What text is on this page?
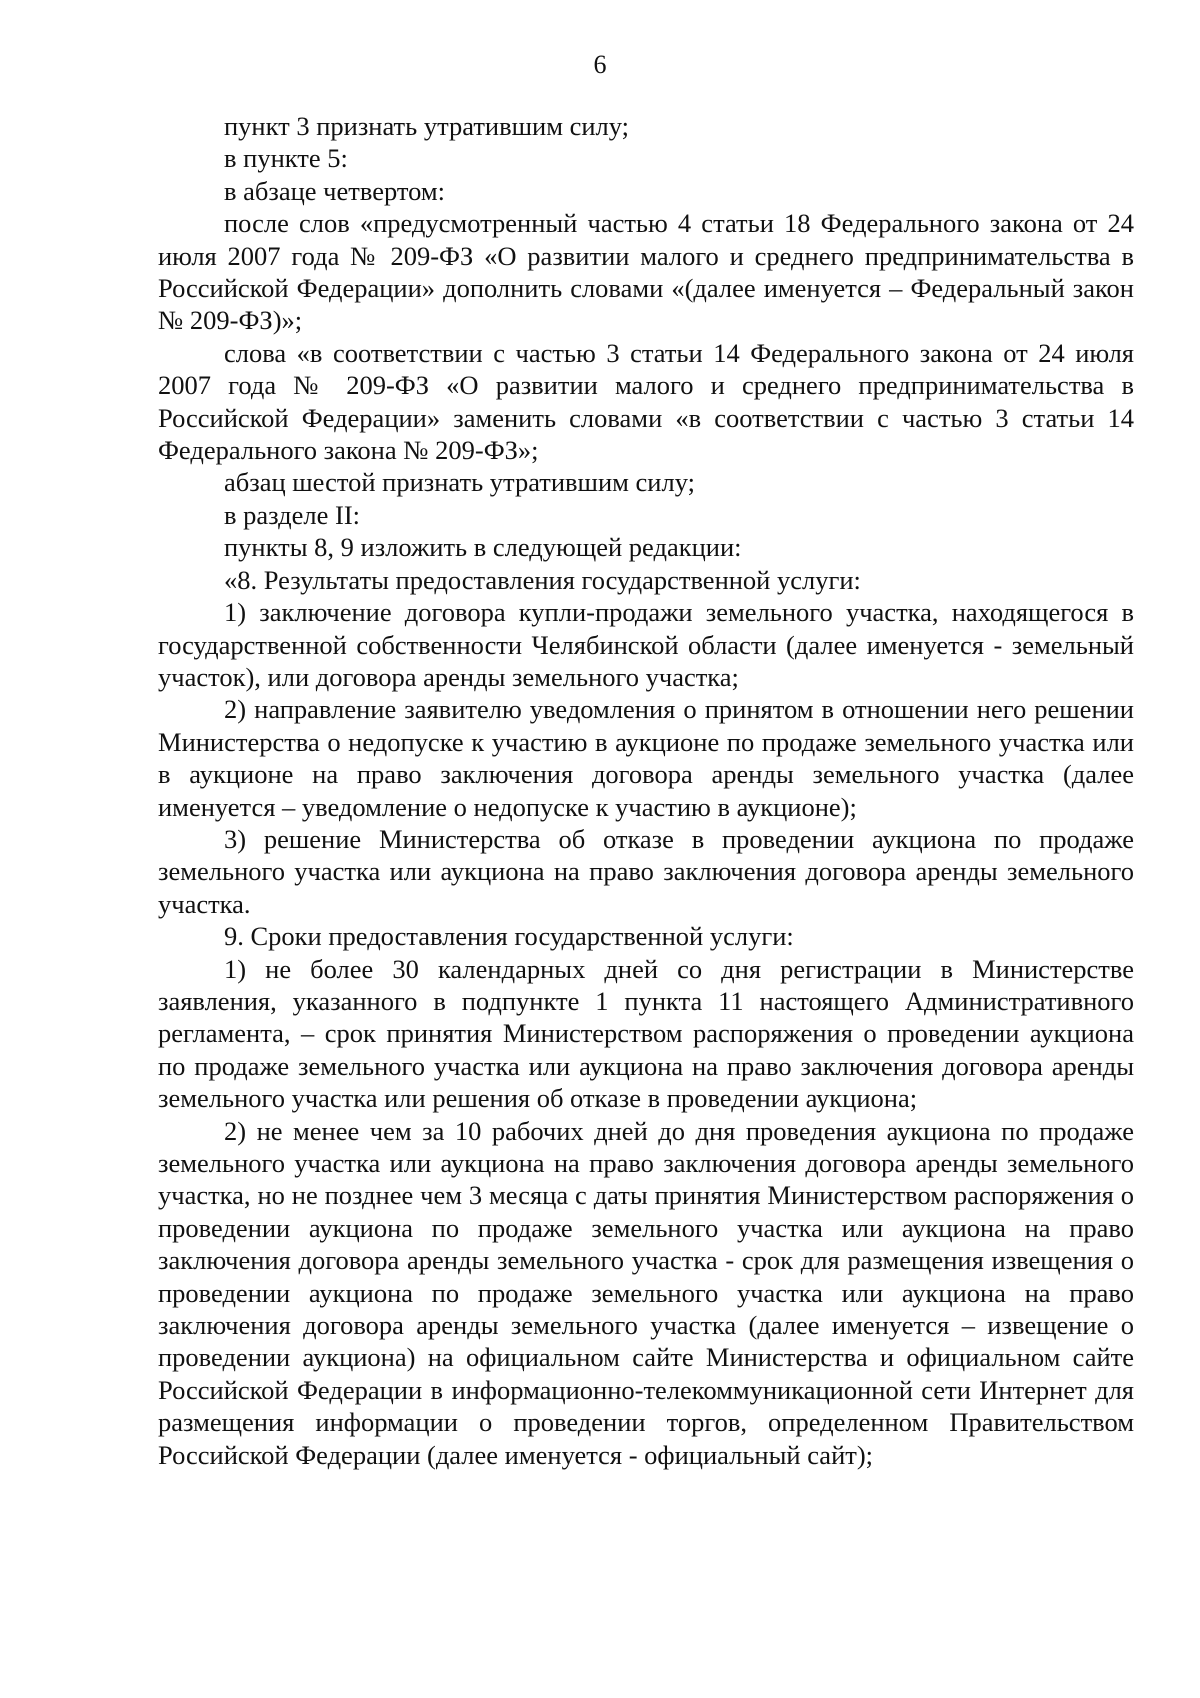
6

пункт 3 признать утратившим силу;

в пункте 5:

в абзаце четвертом:

после слов «предусмотренный частью 4 статьи 18 Федерального закона от 24 июля 2007 года № 209-ФЗ «О развитии малого и среднего предпринимательства в Российской Федерации» дополнить словами «(далее именуется – Федеральный закон № 209-ФЗ)»;

слова «в соответствии с частью 3 статьи 14 Федерального закона от 24 июля 2007 года № 209-ФЗ «О развитии малого и среднего предпринимательства в Российской Федерации» заменить словами «в соответствии с частью 3 статьи 14 Федерального закона № 209-ФЗ»;

абзац шестой признать утратившим силу;

в разделе II:

пункты 8, 9 изложить в следующей редакции:

«8. Результаты предоставления государственной услуги:

1) заключение договора купли-продажи земельного участка, находящегося в государственной собственности Челябинской области (далее именуется - земельный участок), или договора аренды земельного участка;

2) направление заявителю уведомления о принятом в отношении него решении Министерства о недопуске к участию в аукционе по продаже земельного участка или в аукционе на право заключения договора аренды земельного участка (далее именуется – уведомление о недопуске к участию в аукционе);

3) решение Министерства об отказе в проведении аукциона по продаже земельного участка или аукциона на право заключения договора аренды земельного участка.

9. Сроки предоставления государственной услуги:

1) не более 30 календарных дней со дня регистрации в Министерстве заявления, указанного в подпункте 1 пункта 11 настоящего Административного регламента, – срок принятия Министерством распоряжения о проведении аукциона по продаже земельного участка или аукциона на право заключения договора аренды земельного участка или решения об отказе в проведении аукциона;

2) не менее чем за 10 рабочих дней до дня проведения аукциона по продаже земельного участка или аукциона на право заключения договора аренды земельного участка, но не позднее чем 3 месяца с даты принятия Министерством распоряжения о проведении аукциона по продаже земельного участка или аукциона на право заключения договора аренды земельного участка - срок для размещения извещения о проведении аукциона по продаже земельного участка или аукциона на право заключения договора аренды земельного участка (далее именуется – извещение о проведении аукциона) на официальном сайте Министерства и официальном сайте Российской Федерации в информационно-телекоммуникационной сети Интернет для размещения информации о проведении торгов, определенном Правительством Российской Федерации (далее именуется - официальный сайт);
